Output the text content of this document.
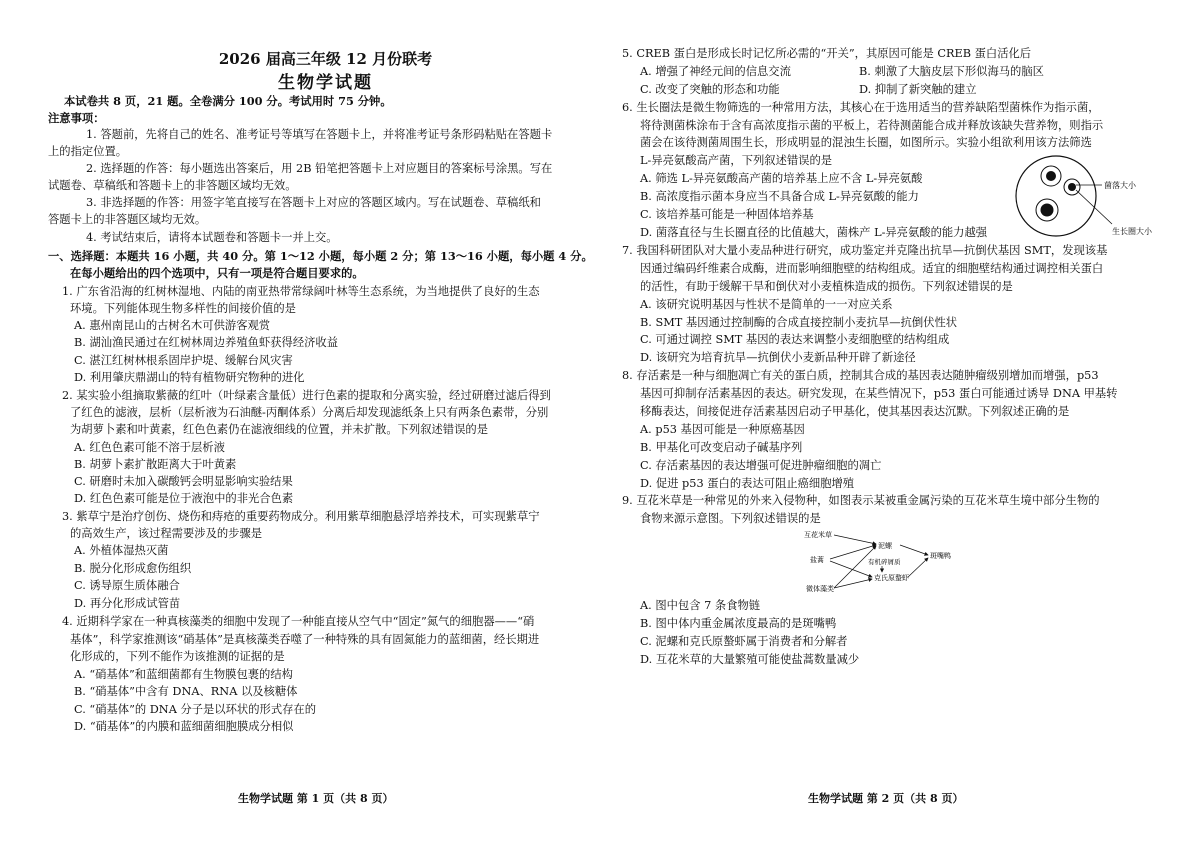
2026 届高三年级 12 月份联考
生物学试题
本试卷共 8 页，21 题。全卷满分 100 分。考试用时 75 分钟。
注意事项：
1. 答题前，先将自己的姓名、准考证号等填写在答题卡上，并将准考证号条形码粘贴在答题卡
上的指定位置。
2. 选择题的作答：每小题选出答案后，用 2B 铅笔把答题卡上对应题目的答案标号涂黑。写在
试题卷、草稿纸和答题卡上的非答题区域均无效。
3. 非选择题的作答：用签字笔直接写在答题卡上对应的答题区域内。写在试题卷、草稿纸和
答题卡上的非答题区域均无效。
4. 考试结束后，请将本试题卷和答题卡一并上交。
一、选择题：本题共 16 小题，共 40 分。第 1～12 小题，每小题 2 分；第 13～16 小题，每小题 4 分。
在每小题给出的四个选项中，只有一项是符合题目要求的。
1. 广东省沿海的红树林湿地、内陆的南亚热带常绿阔叶林等生态系统，为当地提供了良好的生态
环境。下列能体现生物多样性的间接价值的是
A. 惠州南昆山的古树名木可供游客观赏
B. 湖汕渔民通过在红树林周边养殖鱼虾获得经济收益
C. 湛江红树林根系固岸护堤、缓解台风灾害
D. 利用肇庆鼎湖山的特有植物研究物种的进化
2. 某实验小组摘取紫薇的红叶（叶绿素含量低）进行色素的提取和分离实验，经过研磨过滤后得到
了红色的滤液，层析（层析液为石油醚-丙酮体系）分离后却发现滤纸条上只有两条色素带，分别
为胡萝卜素和叶黄素，红色色素仍在滤液细线的位置，并未扩散。下列叙述错误的是
A. 红色色素可能不溶于层析液
B. 胡萝卜素扩散距离大于叶黄素
C. 研磨时未加入碳酸钙会明显影响实验结果
D. 红色色素可能是位于液泡中的非光合色素
3. 紫草宁是治疗创伤、烧伤和痔疮的重要药物成分。利用紫草细胞悬浮培养技术，可实现紫草宁
的高效生产，该过程需要涉及的步骤是
A. 外植体湿热灭菌
B. 脱分化形成愈伤组织
C. 诱导原生质体融合
D. 再分化形成试管苗
4. 近期科学家在一种真核藻类的细胞中发现了一种能直接从空气中“固定”氮气的细胞器——“硝
基体”，科学家推测该“硝基体”是真核藻类吞噬了一种特殊的具有固氮能力的蓝细菌，经长期进
化形成的，下列不能作为该推测的证据的是
A. “硝基体”和蓝细菌都有生物膜包裹的结构
B. “硝基体”中含有 DNA、RNA 以及核糖体
C. “硝基体”的 DNA 分子是以环状的形式存在的
D. “硝基体”的内膜和蓝细菌细胞膜成分相似
生物学试题 第 1 页（共 8 页）
5. CREB 蛋白是形成长时记忆所必需的“开关”，其原因可能是 CREB 蛋白活化后
A. 增强了神经元间的信息交流	B. 刺激了大脑皮层下形似海马的脑区
C. 改变了突触的形态和功能	D. 抑制了新突触的建立
6. 生长圈法是微生物筛选的一种常用方法，其核心在于选用适当的营养缺陷型菌株作为指示菌，
将待测菌株涂布于含有高浓度指示菌的平板上，若待测菌能合成并释放该缺失营养物，则指示
菌会在该待测菌周围生长，形成明显的混浊生长圈，如图所示。实验小组欲利用该方法筛选
L-异亮氨酸高产菌，下列叙述错误的是
A. 筛选 L-异亮氨酸高产菌的培养基上应不含 L-异亮氨酸
B. 高浓度指示菌本身应当不具备合成 L-异亮氨酸的能力
C. 该培养基可能是一种固体培养基
D. 菌落直径与生长圈直径的比值越大，菌株产 L-异亮氨酸的能力越强
菌落大小
生长圈大小
7. 我国科研团队对大量小麦品种进行研究，成功鉴定并克隆出抗旱—抗倒伏基因 SMT，发现该基
因通过编码纤维素合成酶，进而影响细胞壁的结构组成。适宜的细胞壁结构通过调控相关蛋白
的活性，有助于缓解干旱和倒伏对小麦植株造成的损伤。下列叙述错误的是
A. 该研究说明基因与性状不是简单的一一对应关系
B. SMT 基因通过控制酶的合成直接控制小麦抗旱—抗倒伏性状
C. 可通过调控 SMT 基因的表达来调整小麦细胞壁的结构组成
D. 该研究为培育抗旱—抗倒伏小麦新品种开辟了新途径
8. 存活素是一种与细胞凋亡有关的蛋白质，控制其合成的基因表达随肿瘤级别增加而增强，p53
基因可抑制存活素基因的表达。研究发现，在某些情况下，p53 蛋白可能通过诱导 DNA 甲基转
移酶表达，间接促进存活素基因启动子甲基化，使其基因表达沉默。下列叙述正确的是
A. p53 基因可能是一种原癌基因
B. 甲基化可改变启动子碱基序列
C. 存活素基因的表达增强可促进肿瘤细胞的凋亡
D. 促进 p53 蛋白的表达可阻止癌细胞增殖
9. 互花米草是一种常见的外来入侵物种，如图表示某被重金属污染的互花米草生境中部分生物的
食物来源示意图。下列叙述错误的是
互花米草
盐蒿
微体藻类
泥螺
有机碎屑质
克氏原螯虾
斑嘴鸭
A. 图中包含 7 条食物链
B. 图中体内重金属浓度最高的是斑嘴鸭
C. 泥螺和克氏原螯虾属于消费者和分解者
D. 互花米草的大量繁殖可能使盐蒿数量减少
生物学试题 第 2 页（共 8 页）
